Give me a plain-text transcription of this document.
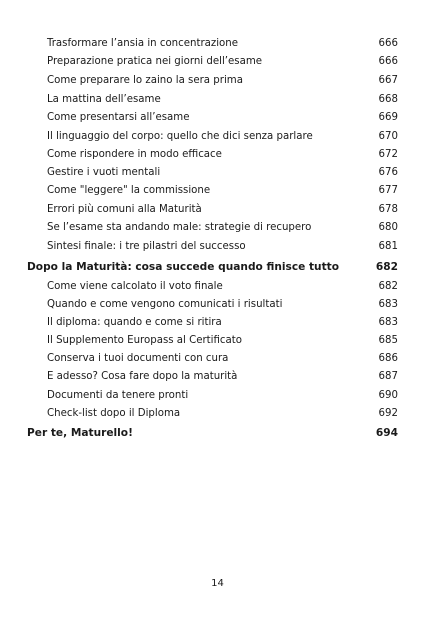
Trasformare l’ansia in concentrazione	666
Preparazione pratica nei giorni dell’esame	666
Come preparare lo zaino la sera prima	667
La mattina dell’esame	668
Come presentarsi all’esame	669
Il linguaggio del corpo: quello che dici senza parlare	670
Come rispondere in modo efficace	672
Gestire i vuoti mentali	676
Come "leggere" la commissione	677
Errori più comuni alla Maturità	678
Se l’esame sta andando male: strategie di recupero	680
Sintesi finale: i tre pilastri del successo	681
Dopo la Maturità: cosa succede quando finisce tutto	682
Come viene calcolato il voto finale	682
Quando e come vengono comunicati i risultati	683
Il diploma: quando e come si ritira	683
Il Supplemento Europass al Certificato	685
Conserva i tuoi documenti con cura	686
E adesso? Cosa fare dopo la maturità	687
Documenti da tenere pronti	690
Check-list dopo il Diploma	692
Per te, Maturello!	694
14
